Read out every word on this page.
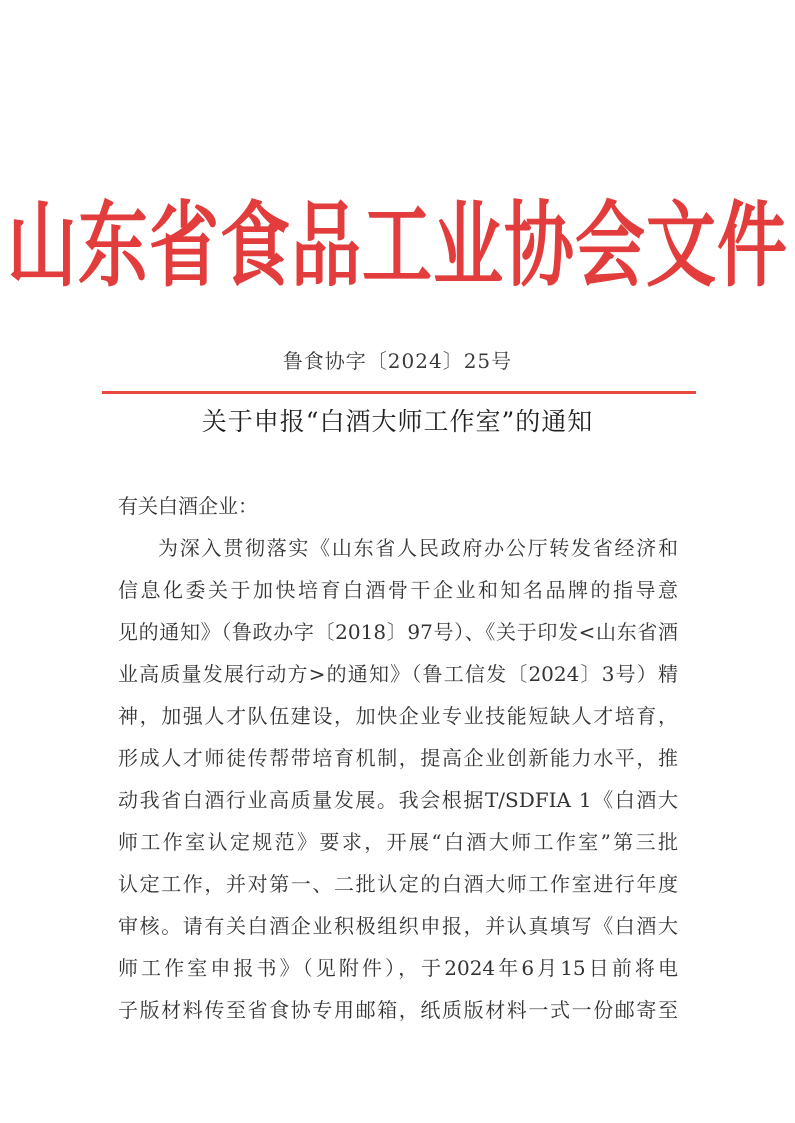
山东省食品工业协会文件
鲁食协字〔2024〕25号
关于申报“白酒大师工作室”的通知
有关白酒企业：
为深入贯彻落实《山东省人民政府办公厅转发省经济和
信息化委关于加快培育白酒骨干企业和知名品牌的指导意
见的通知》（鲁政办字〔2018〕97号）、《关于印发<山东省酒
业高质量发展行动方>的通知》（鲁工信发〔2024〕3号）精
神，加强人才队伍建设，加快企业专业技能短缺人才培育，
形成人才师徒传帮带培育机制，提高企业创新能力水平，推
动我省白酒行业高质量发展。我会根据T/SDFIA 1《白酒大
师工作室认定规范》要求，开展“白酒大师工作室”第三批
认定工作，并对第一、二批认定的白酒大师工作室进行年度
审核。请有关白酒企业积极组织申报，并认真填写《白酒大
师工作室申报书》（见附件），于2024年6月15日前将电
子版材料传至省食协专用邮箱，纸质版材料一式一份邮寄至
